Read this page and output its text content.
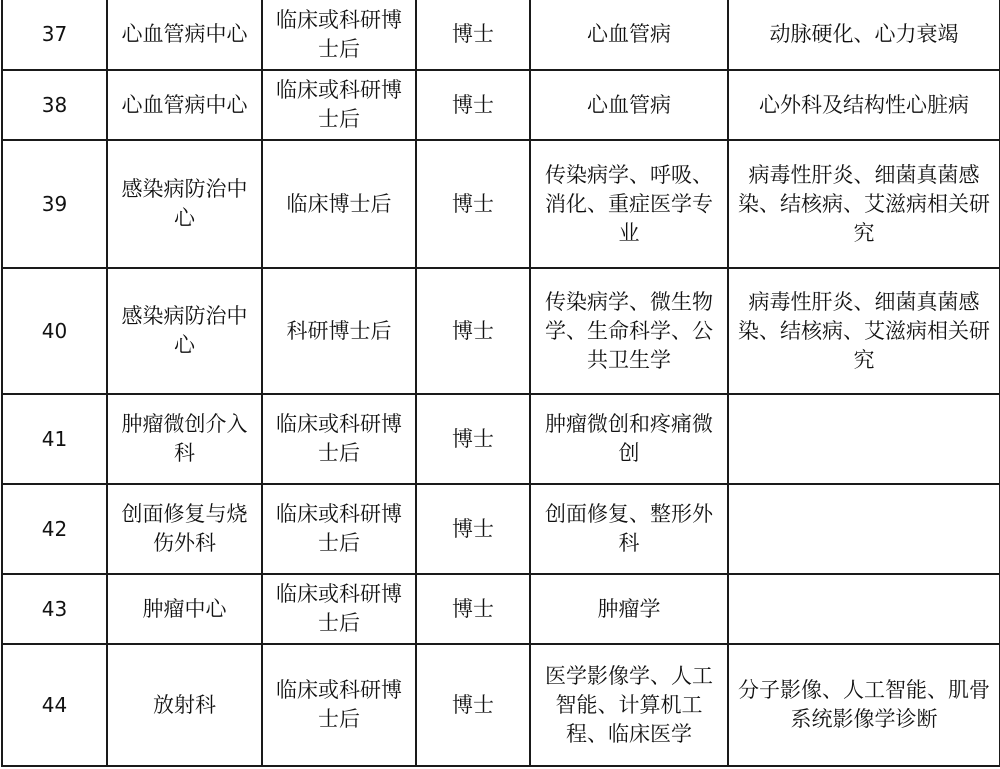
37	心血管病中心	临床或科研博士后	博士	心血管病	动脉硬化、心力衰竭
38	心血管病中心	临床或科研博士后	博士	心血管病	心外科及结构性心脏病
39	感染病防治中心	临床博士后	博士	传染病学、呼吸、消化、重症医学专业	病毒性肝炎、细菌真菌感染、结核病、艾滋病相关研究
40	感染病防治中心	科研博士后	博士	传染病学、微生物学、生命科学、公共卫生学	病毒性肝炎、细菌真菌感染、结核病、艾滋病相关研究
41	肿瘤微创介入科	临床或科研博士后	博士	肿瘤微创和疼痛微创	
42	创面修复与烧伤外科	临床或科研博士后	博士	创面修复、整形外科	
43	肿瘤中心	临床或科研博士后	博士	肿瘤学	
44	放射科	临床或科研博士后	博士	医学影像学、人工智能、计算机工程、临床医学	分子影像、人工智能、肌骨系统影像学诊断
